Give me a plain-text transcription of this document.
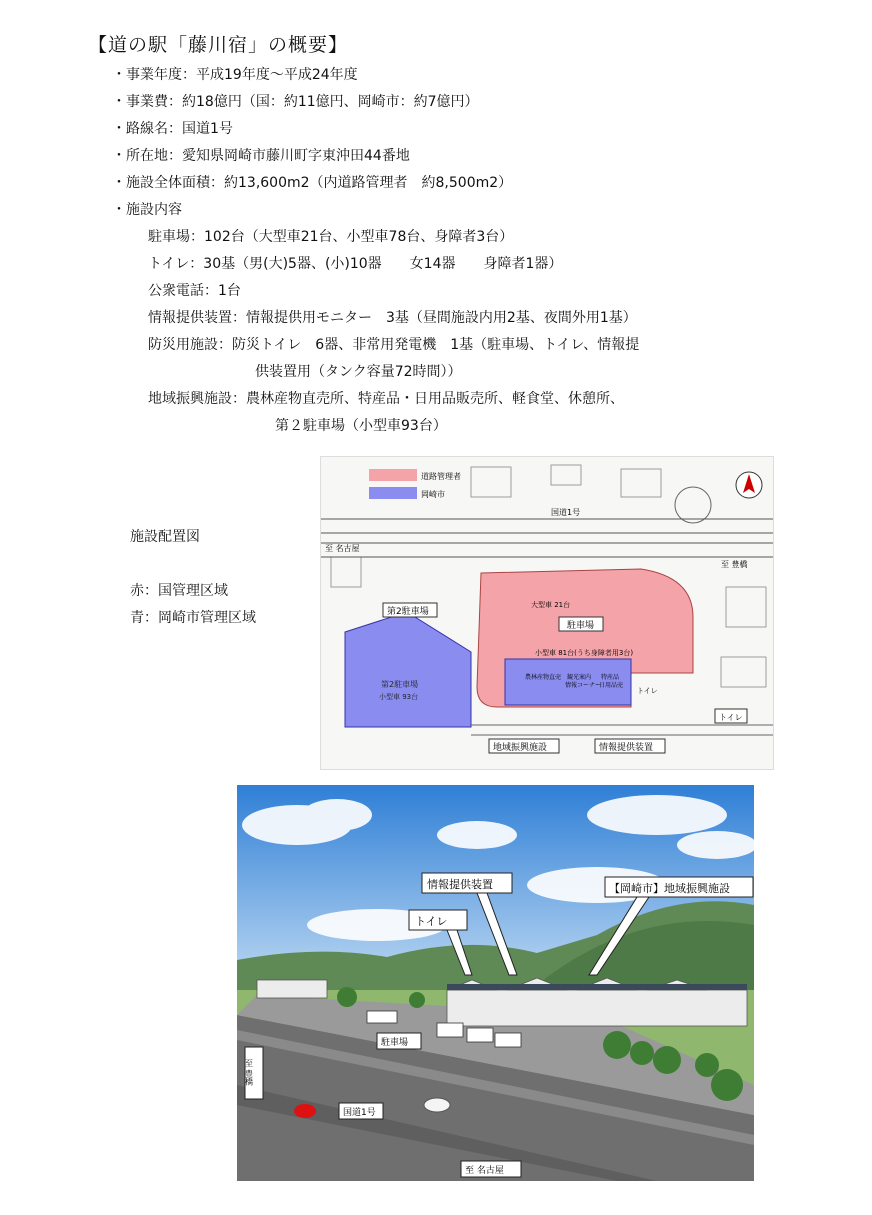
【道の駅「藤川宿」の概要】
・事業年度：平成19年度～平成24年度
・事業費：約18億円（国：約11億円、岡崎市：約7億円）
・路線名：国道1号
・所在地：愛知県岡崎市藤川町字東沖田44番地
・施設全体面積：約13,600m2（内道路管理者　約8,500m2）
・施設内容
駐車場：102台（大型車21台、小型車78台、身障者3台）
トイレ：30基（男(大)5器、(小)10器　　女14器　　身障者1器）
公衆電話：1台
情報提供装置：情報提供用モニター　3基（昼間施設内用2基、夜間外用1基）
防災用施設：防災トイレ　6器、非常用発電機　1基（駐車場、トイレ、情報提
供装置用（タンク容量72時間））
地域振興施設：農林産物直売所、特産品・日用品販売所、軽食堂、休憩所、
第２駐車場（小型車93台）
施設配置図
赤：国管理区域
青：岡崎市管理区域
道路管理者
岡崎市
国道1号
至 名古屋
至 豊橋
第2駐車場
第2駐車場
小型車 93台
駐車場
大型車 21台
小型車 81台(うち身障者用3台)
農林産物直売 観光案内
情報コーナー
特産品
日用品売
トイレ
トイレ
地域振興施設	情報提供装置
情報提供装置	【岡崎市】地域振興施設
トイレ
駐車場
国道1号
至 名古屋
至 豊橋
